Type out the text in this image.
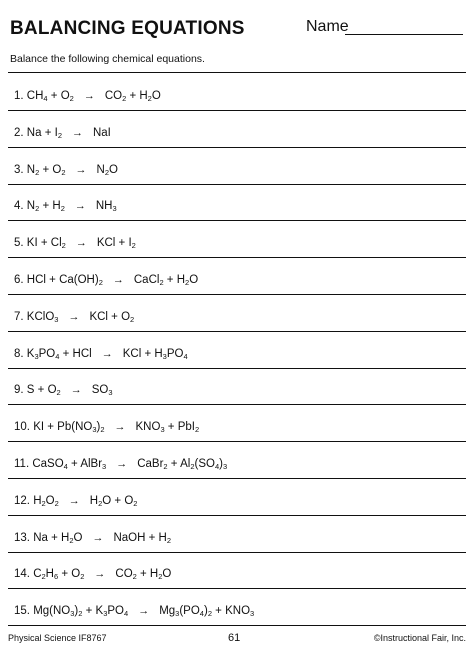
BALANCING EQUATIONS	Name
Balance the following chemical equations.
1. $CH_4 + O_2 \to CO_2 + H_2O$
2. $Na + I_2$ → NaI
3. $N_2 + O_2 \to N_2O$
4. $N_2 + H_2 \to NH_3$
5. KI + $Cl_2$ → KCl + $I_2$
6. HCl + $Ca(OH)_2$ → CaCl$_2$ + $H_2O$
7. KClO$_3$ → KCl + $O_2$
8. $K_3PO_4$ + HCl → KCl + $H_3PO_4$
9. $S + O_2 \to SO_3$
10. KI + $Pb(NO_3)_2 \to KNO_3 + PbI_2$
11. CaSO$_4$ + AlBr$_3$ → CaBr$_2$ + $Al_2(SO_4)_3$
12. $H_2O_2 \to H_2O + O_2$
13. $Na + H_2O$ → NaOH + $H_2$
14. $C_2H_6 + O_2 \to CO_2 + H_2O$
15. $Mg(NO_3)_2 + K_3PO_4 \to Mg_3(PO_4)_2 + KNO_3$
Physical Science IF8767	61	©Instructional Fair, Inc.
